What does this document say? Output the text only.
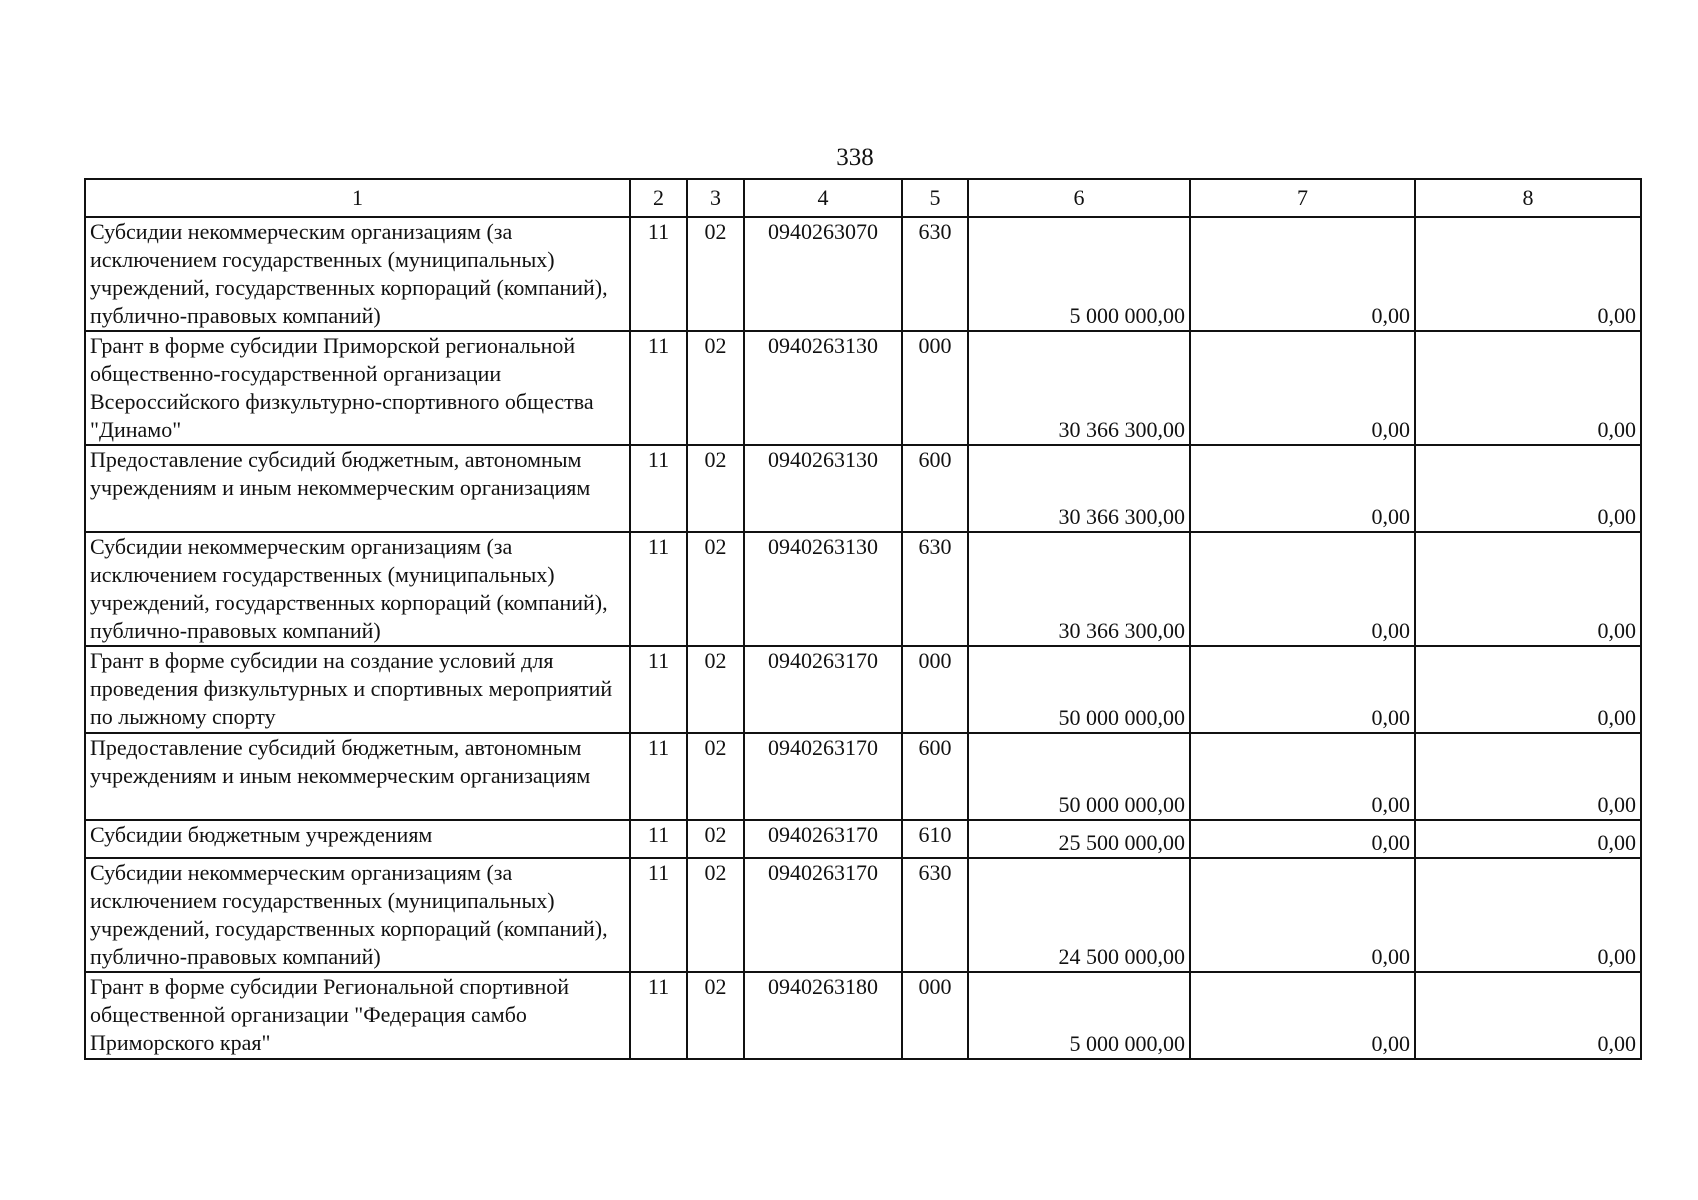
338
1	2	3	4	5	6	7	8
Субсидии некоммерческим организациям (за исключением государственных (муниципальных) учреждений, государственных корпораций (компаний), публично-правовых компаний)	11	02	0940263070	630	5 000 000,00	0,00	0,00
Грант в форме субсидии Приморской региональной общественно-государственной организации Всероссийского физкультурно-спортивного общества "Динамо"	11	02	0940263130	000	30 366 300,00	0,00	0,00
Предоставление субсидий бюджетным, автономным учреждениям и иным некоммерческим организациям	11	02	0940263130	600	30 366 300,00	0,00	0,00
Субсидии некоммерческим организациям (за исключением государственных (муниципальных) учреждений, государственных корпораций (компаний), публично-правовых компаний)	11	02	0940263130	630	30 366 300,00	0,00	0,00
Грант в форме субсидии на создание условий для проведения физкультурных и спортивных мероприятий по лыжному спорту	11	02	0940263170	000	50 000 000,00	0,00	0,00
Предоставление субсидий бюджетным, автономным учреждениям и иным некоммерческим организациям	11	02	0940263170	600	50 000 000,00	0,00	0,00
Субсидии бюджетным учреждениям	11	02	0940263170	610	25 500 000,00	0,00	0,00
Субсидии некоммерческим организациям (за исключением государственных (муниципальных) учреждений, государственных корпораций (компаний), публично-правовых компаний)	11	02	0940263170	630	24 500 000,00	0,00	0,00
Грант в форме субсидии Региональной спортивной общественной организации "Федерация самбо Приморского края"	11	02	0940263180	000	5 000 000,00	0,00	0,00
